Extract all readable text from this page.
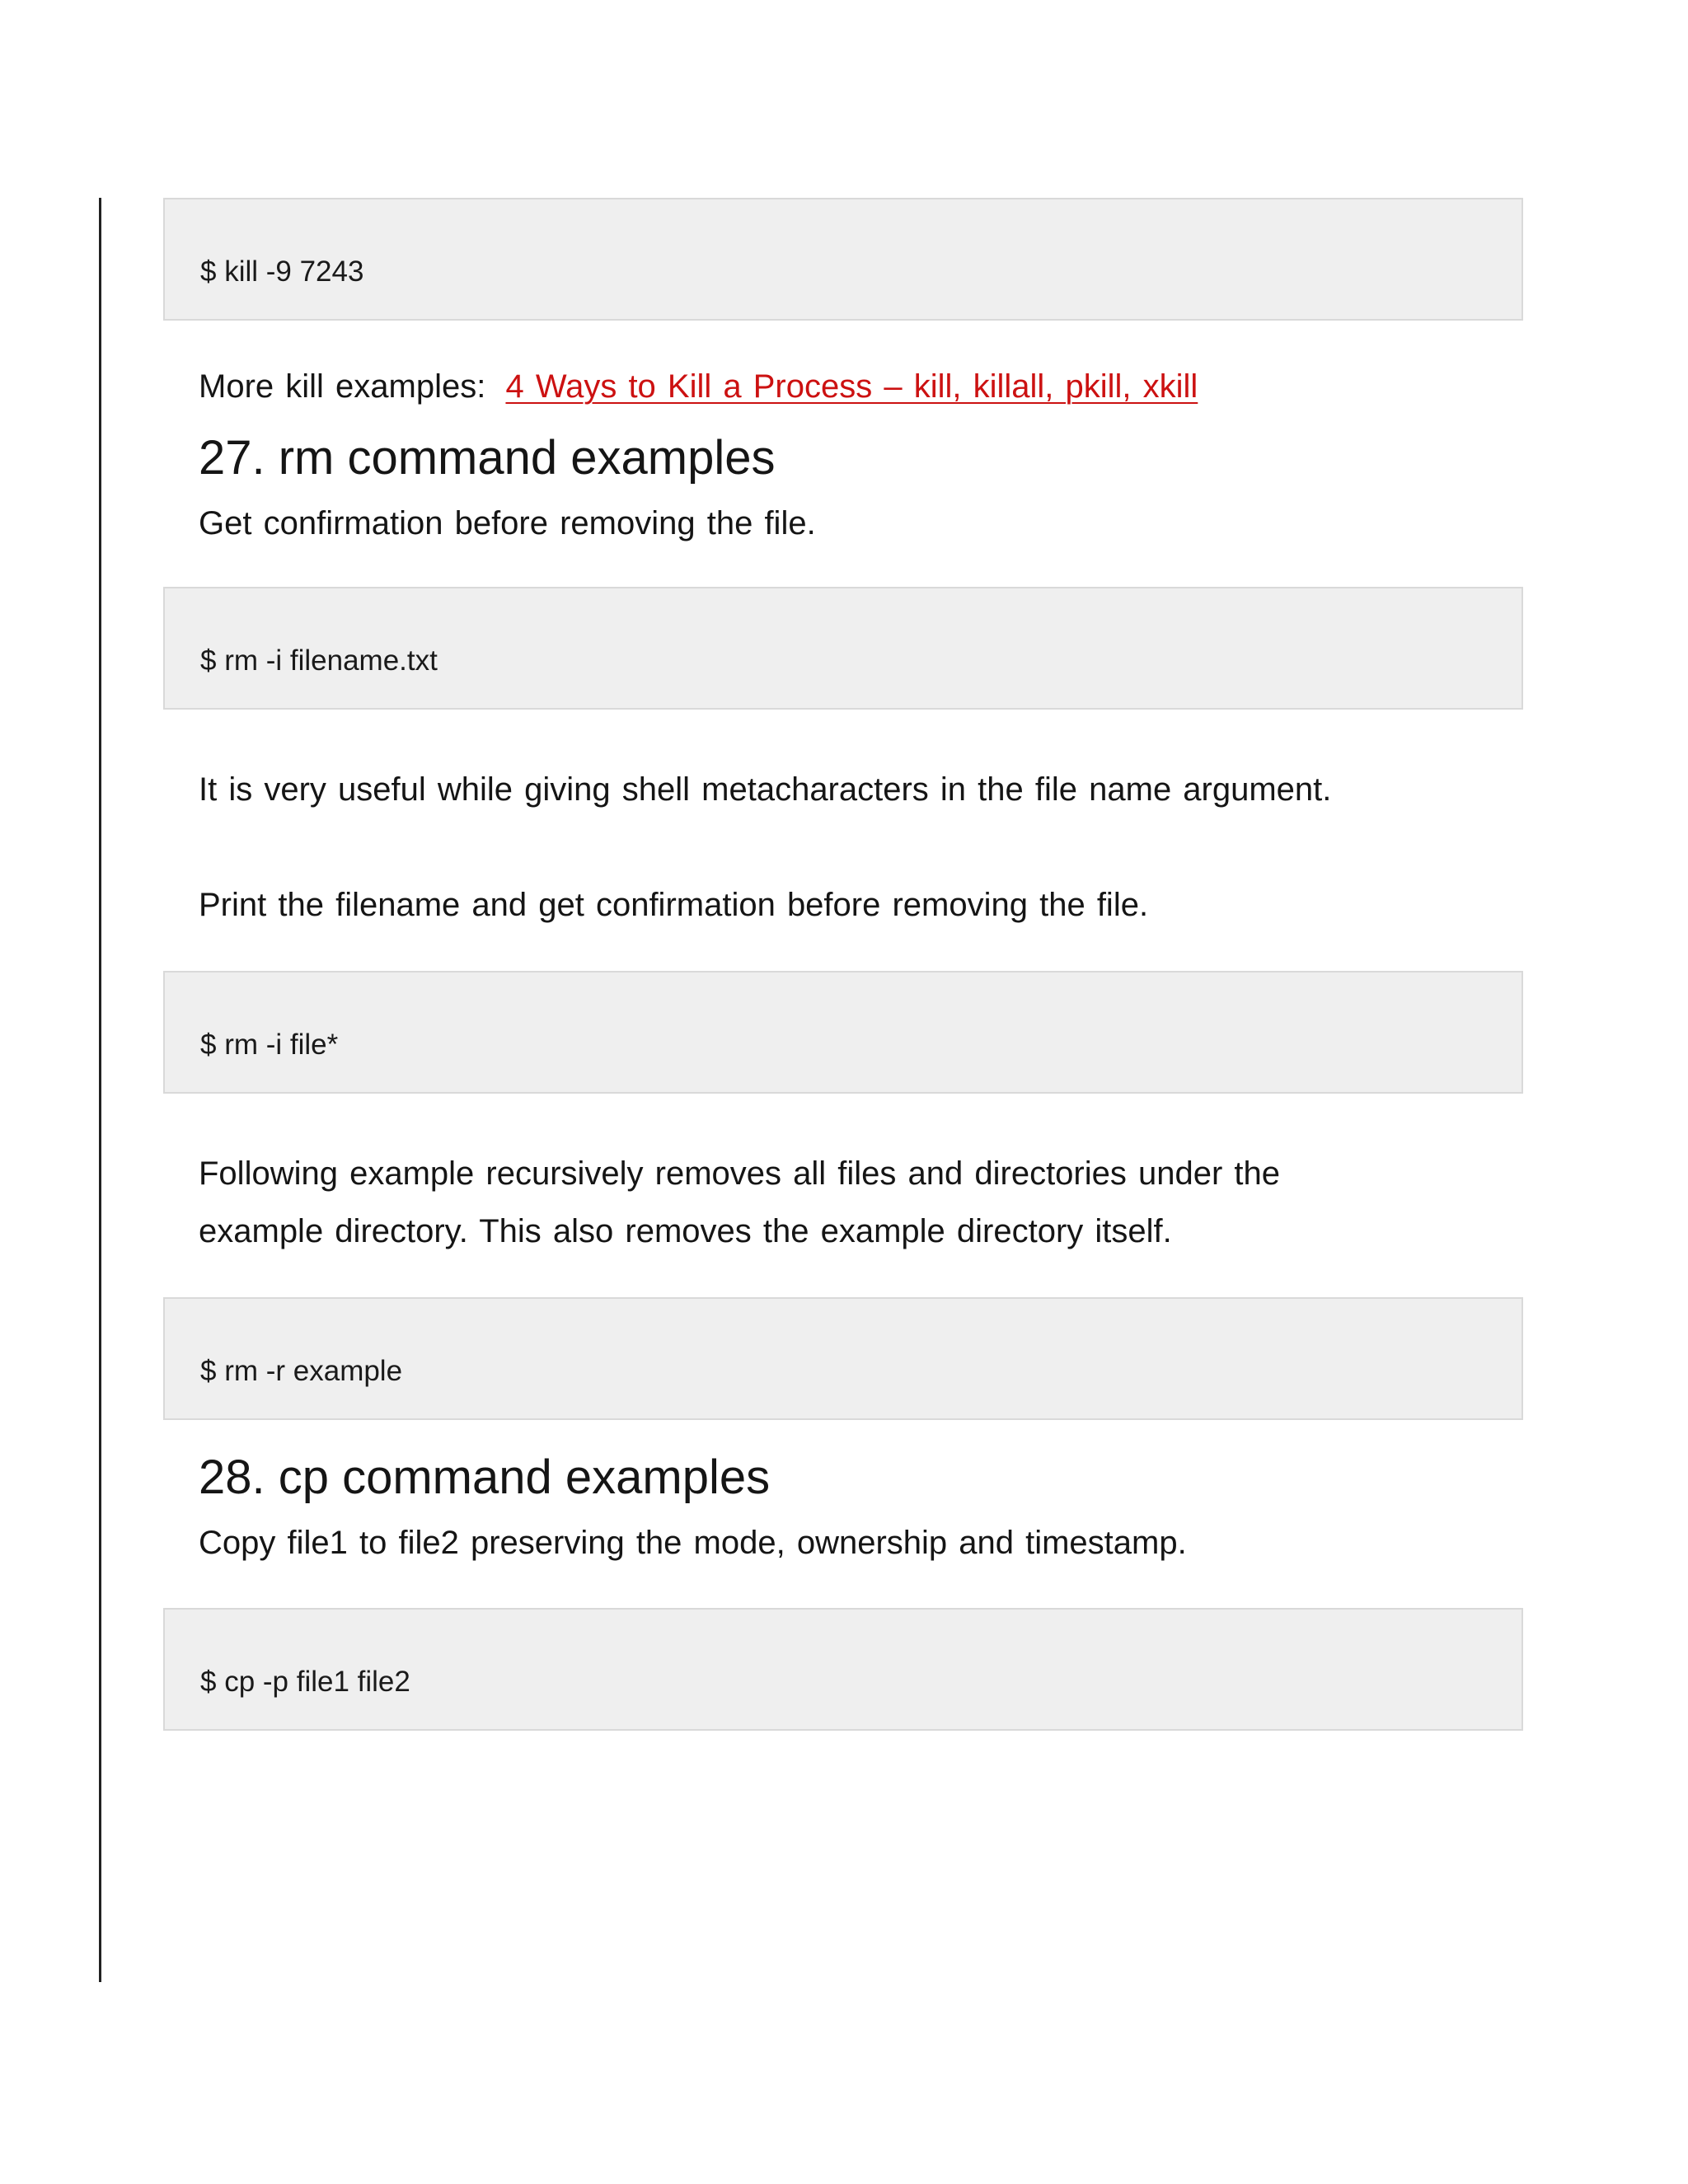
$ kill -9 7243

More kill examples: 4 Ways to Kill a Process – kill, killall, pkill, xkill

27. rm command examples

Get confirmation before removing the file.

$ rm -i filename.txt

It is very useful while giving shell metacharacters in the file name argument.

Print the filename and get confirmation before removing the file.

$ rm -i file*

Following example recursively removes all files and directories under the
example directory. This also removes the example directory itself.

$ rm -r example
28. cp command examples

Copy file1 to file2 preserving the mode, ownership and timestamp.

$ cp -p file1 file2
